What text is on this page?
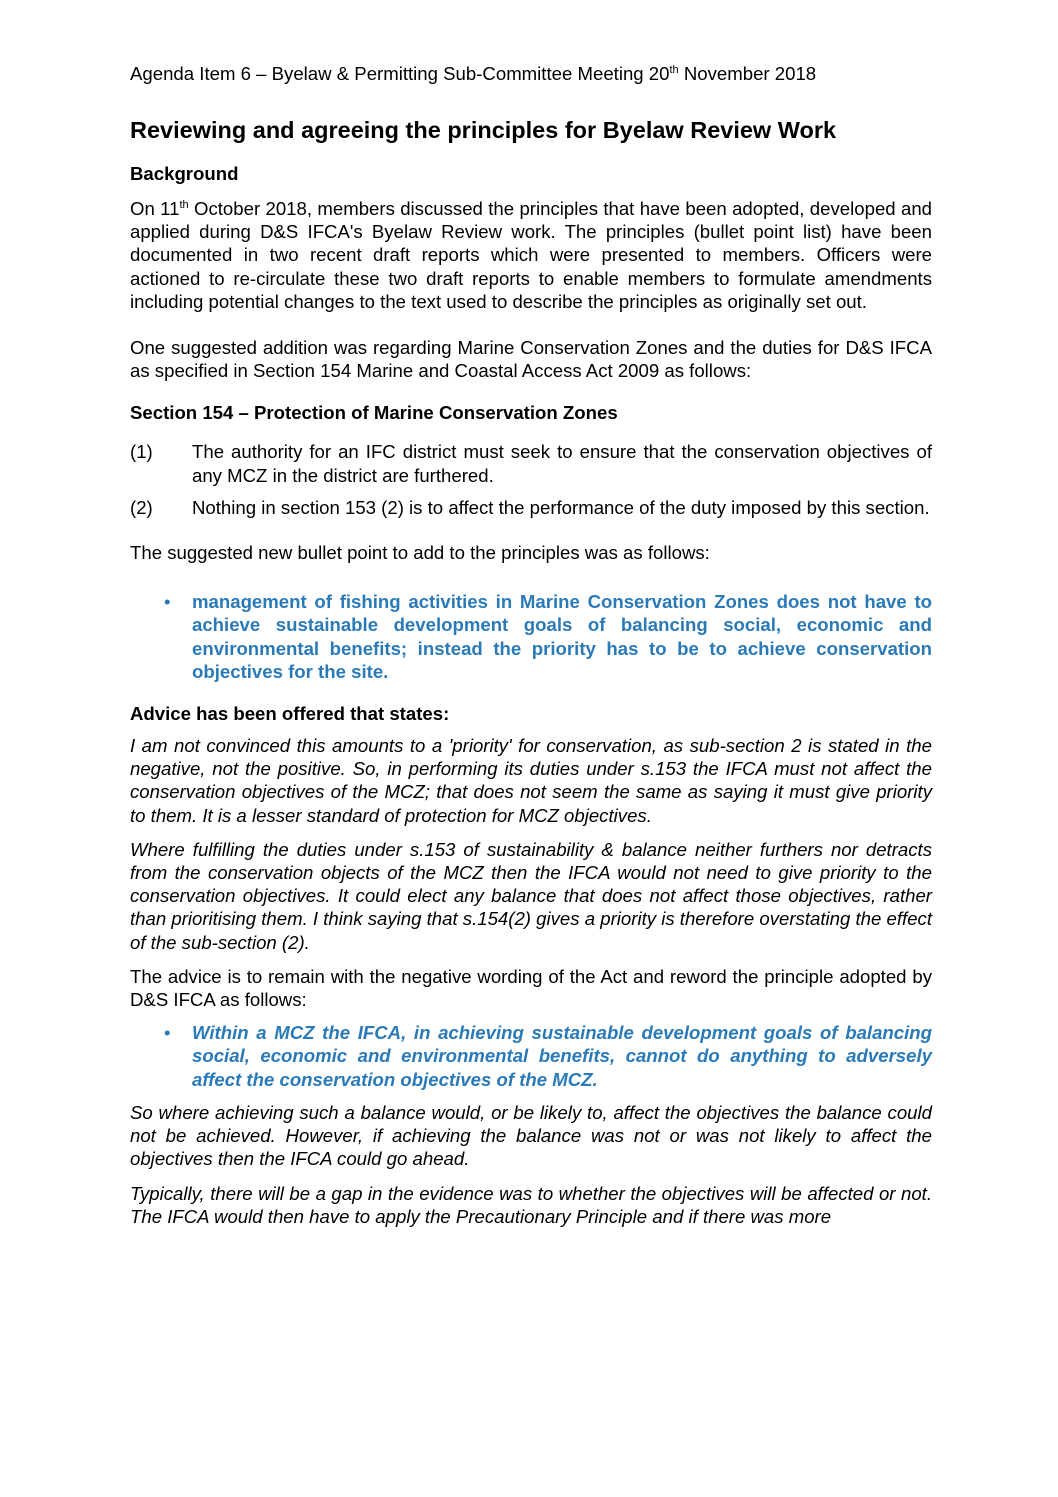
Agenda Item 6 – Byelaw & Permitting Sub-Committee Meeting 20th November 2018

Reviewing and agreeing the principles for Byelaw Review Work

Background

On 11th October 2018, members discussed the principles that have been adopted, developed and applied during D&S IFCA's Byelaw Review work. The principles (bullet point list) have been documented in two recent draft reports which were presented to members. Officers were actioned to re-circulate these two draft reports to enable members to formulate amendments including potential changes to the text used to describe the principles as originally set out.

One suggested addition was regarding Marine Conservation Zones and the duties for D&S IFCA as specified in Section 154 Marine and Coastal Access Act 2009 as follows:

Section 154 – Protection of Marine Conservation Zones

(1)	The authority for an IFC district must seek to ensure that the conservation objectives of any MCZ in the district are furthered.
(2)	Nothing in section 153 (2) is to affect the performance of the duty imposed by this section.

The suggested new bullet point to add to the principles was as follows:

•	management of fishing activities in Marine Conservation Zones does not have to achieve sustainable development goals of balancing social, economic and environmental benefits; instead the priority has to be to achieve conservation objectives for the site.

Advice has been offered that states:

I am not convinced this amounts to a 'priority' for conservation, as sub-section 2 is stated in the negative, not the positive. So, in performing its duties under s.153 the IFCA must not affect the conservation objectives of the MCZ; that does not seem the same as saying it must give priority to them. It is a lesser standard of protection for MCZ objectives.

Where fulfilling the duties under s.153 of sustainability & balance neither furthers nor detracts from the conservation objects of the MCZ then the IFCA would not need to give priority to the conservation objectives. It could elect any balance that does not affect those objectives, rather than prioritising them. I think saying that s.154(2) gives a priority is therefore overstating the effect of the sub-section (2).

The advice is to remain with the negative wording of the Act and reword the principle adopted by D&S IFCA as follows:

•	Within a MCZ the IFCA, in achieving sustainable development goals of balancing social, economic and environmental benefits, cannot do anything to adversely affect the conservation objectives of the MCZ.

So where achieving such a balance would, or be likely to, affect the objectives the balance could not be achieved. However, if achieving the balance was not or was not likely to affect the objectives then the IFCA could go ahead.

Typically, there will be a gap in the evidence was to whether the objectives will be affected or not. The IFCA would then have to apply the Precautionary Principle and if there was more
